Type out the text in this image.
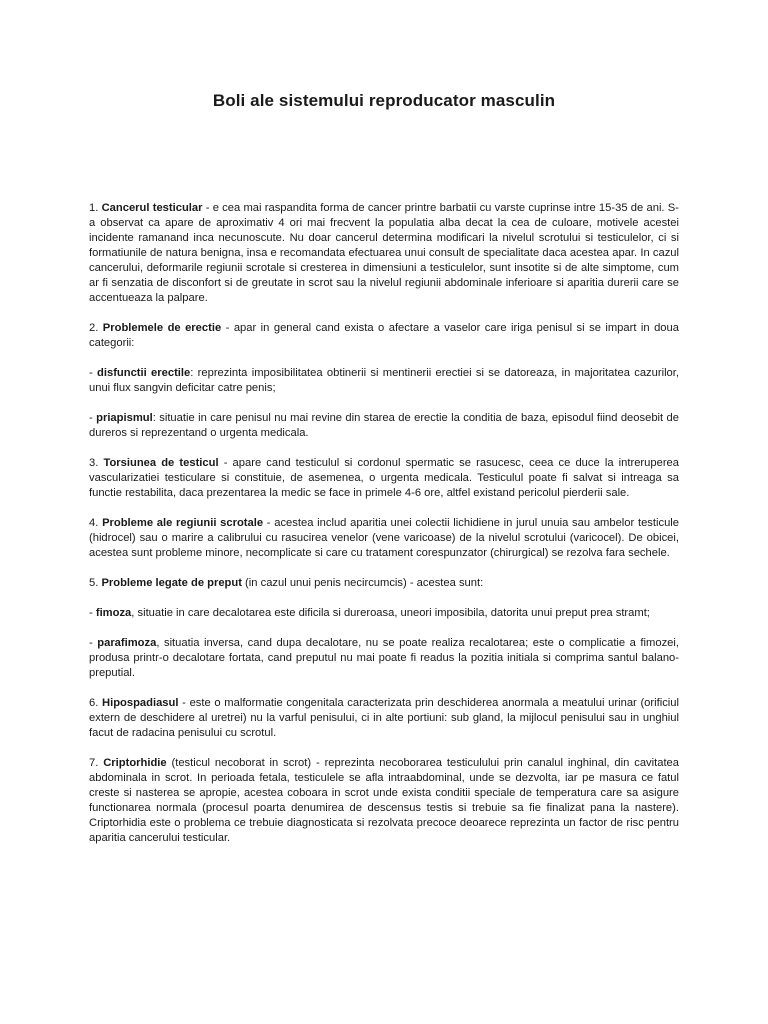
Boli ale sistemului reproducator masculin

1. Cancerul testicular - e cea mai raspandita forma de cancer printre barbatii cu varste cuprinse intre 15-35 de ani. S-a observat ca apare de aproximativ 4 ori mai frecvent la populatia alba decat la cea de culoare, motivele acestei incidente ramanand inca necunoscute. Nu doar cancerul determina modificari la nivelul scrotului si testiculelor, ci si formatiunile de natura benigna, insa e recomandata efectuarea unui consult de specialitate daca acestea apar. In cazul cancerului, deformarile regiunii scrotale si cresterea in dimensiuni a testiculelor, sunt insotite si de alte simptome, cum ar fi senzatia de disconfort si de greutate in scrot sau la nivelul regiunii abdominale inferioare si aparitia durerii care se accentueaza la palpare.

2. Problemele de erectie - apar in general cand exista o afectare a vaselor care iriga penisul si se impart in doua categorii:

- disfunctii erectile: reprezinta imposibilitatea obtinerii si mentinerii erectiei si se datoreaza, in majoritatea cazurilor, unui flux sangvin deficitar catre penis;

- priapismul: situatie in care penisul nu mai revine din starea de erectie la conditia de baza, episodul fiind deosebit de dureros si reprezentand o urgenta medicala.

3. Torsiunea de testicul - apare cand testiculul si cordonul spermatic se rasucesc, ceea ce duce la intreruperea vascularizatiei testiculare si constituie, de asemenea, o urgenta medicala. Testiculul poate fi salvat si intreaga sa functie restabilita, daca prezentarea la medic se face in primele 4-6 ore, altfel existand pericolul pierderii sale.

4. Probleme ale regiunii scrotale - acestea includ aparitia unei colectii lichidiene in jurul unuia sau ambelor testicule (hidrocel) sau o marire a calibrului cu rasucirea venelor (vene varicoase) de la nivelul scrotului (varicocel). De obicei, acestea sunt probleme minore, necomplicate si care cu tratament corespunzator (chirurgical) se rezolva fara sechele.

5. Probleme legate de preput (in cazul unui penis necircumcis) - acestea sunt:

- fimoza, situatie in care decalotarea este dificila si dureroasa, uneori imposibila, datorita unui preput prea stramt;

- parafimoza, situatia inversa, cand dupa decalotare, nu se poate realiza recalotarea; este o complicatie a fimozei, produsa printr-o decalotare fortata, cand preputul nu mai poate fi readus la pozitia initiala si comprima santul balano-preputial.

6. Hipospadiasul - este o malformatie congenitala caracterizata prin deschiderea anormala a meatului urinar (orificiul extern de deschidere al uretrei) nu la varful penisului, ci in alte portiuni: sub gland, la mijlocul penisului sau in unghiul facut de radacina penisului cu scrotul.

7. Criptorhidie (testicul necoborat in scrot) - reprezinta necoborarea testiculului prin canalul inghinal, din cavitatea abdominala in scrot. In perioada fetala, testiculele se afla intraabdominal, unde se dezvolta, iar pe masura ce fatul creste si nasterea se apropie, acestea coboara in scrot unde exista conditii speciale de temperatura care sa asigure functionarea normala (procesul poarta denumirea de descensus testis si trebuie sa fie finalizat pana la nastere). Criptorhidia este o problema ce trebuie diagnosticata si rezolvata precoce deoarece reprezinta un factor de risc pentru aparitia cancerului testicular.
